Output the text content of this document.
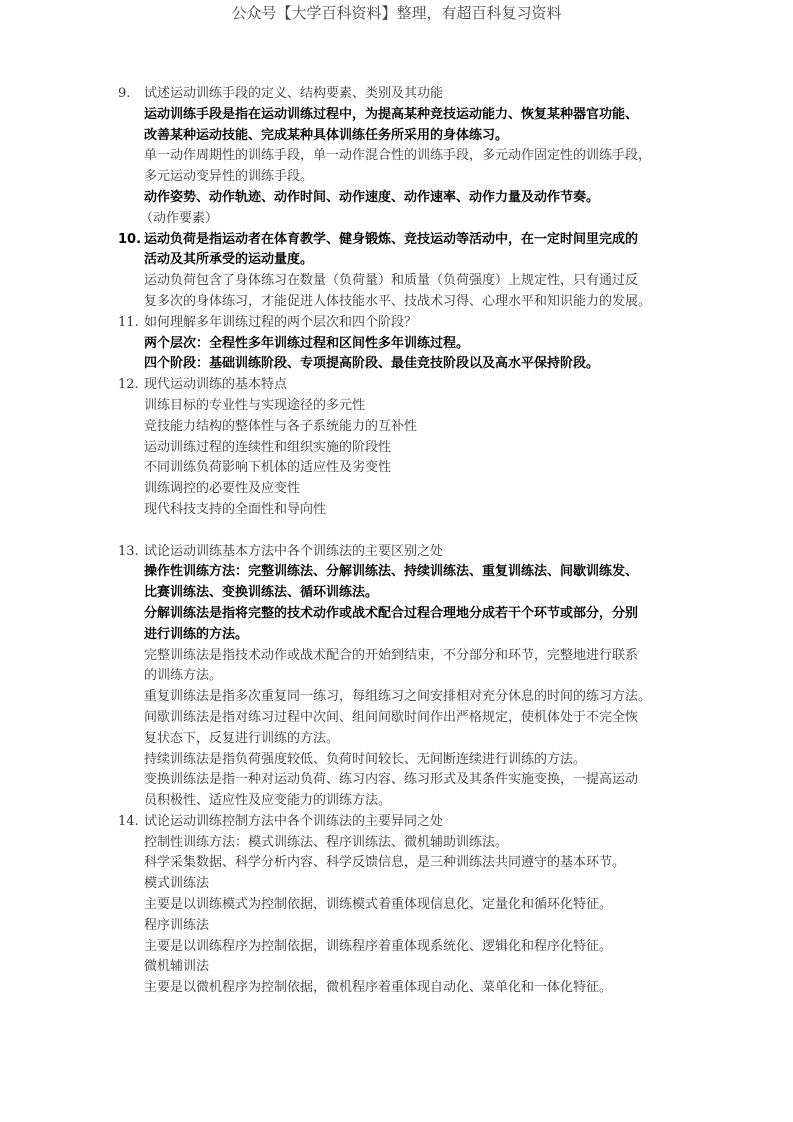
公众号【大学百科资料】整理，有超百科复习资料
9. 试述运动训练手段的定义、结构要素、类别及其功能
运动训练手段是指在运动训练过程中，为提高某种竞技运动能力、恢复某种器官功能、
改善某种运动技能、完成某种具体训练任务所采用的身体练习。
单一动作周期性的训练手段，单一动作混合性的训练手段，多元动作固定性的训练手段，
多元运动变异性的训练手段。
动作姿势、动作轨迹、动作时间、动作速度、动作速率、动作力量及动作节奏。
（动作要素）
10. 运动负荷是指运动者在体育教学、健身锻炼、竞技运动等活动中，在一定时间里完成的
活动及其所承受的运动量度。
运动负荷包含了身体练习在数量（负荷量）和质量（负荷强度）上规定性，只有通过反
复多次的身体练习，才能促进人体技能水平、技战术习得、心理水平和知识能力的发展。
11. 如何理解多年训练过程的两个层次和四个阶段？
两个层次：全程性多年训练过程和区间性多年训练过程。
四个阶段：基础训练阶段、专项提高阶段、最佳竞技阶段以及高水平保持阶段。
12. 现代运动训练的基本特点
训练目标的专业性与实现途径的多元性
竞技能力结构的整体性与各子系统能力的互补性
运动训练过程的连续性和组织实施的阶段性
不同训练负荷影响下机体的适应性及劣变性
训练调控的必要性及应变性
现代科技支持的全面性和导向性
13. 试论运动训练基本方法中各个训练法的主要区别之处
操作性训练方法：完整训练法、分解训练法、持续训练法、重复训练法、间歇训练发、
比赛训练法、变换训练法、循环训练法。
分解训练法是指将完整的技术动作或战术配合过程合理地分成若干个环节或部分，分别
进行训练的方法。
完整训练法是指技术动作或战术配合的开始到结束，不分部分和环节，完整地进行联系
的训练方法。
重复训练法是指多次重复同一练习，每组练习之间安排相对充分休息的时间的练习方法。
间歇训练法是指对练习过程中次间、组间间歇时间作出严格规定，使机体处于不完全恢
复状态下，反复进行训练的方法。
持续训练法是指负荷强度较低、负荷时间较长、无间断连续进行训练的方法。
变换训练法是指一种对运动负荷、练习内容、练习形式及其条件实施变换，一提高运动
员积极性、适应性及应变能力的训练方法。
14. 试论运动训练控制方法中各个训练法的主要异同之处
控制性训练方法：模式训练法、程序训练法、微机辅助训练法。
科学采集数据、科学分析内容、科学反馈信息，是三种训练法共同遵守的基本环节。
模式训练法
主要是以训练模式为控制依据，训练模式着重体现信息化、定量化和循环化特征。
程序训练法
主要是以训练程序为控制依据，训练程序着重体现系统化、逻辑化和程序化特征。
微机辅训法
主要是以微机程序为控制依据，微机程序着重体现自动化、菜单化和一体化特征。
